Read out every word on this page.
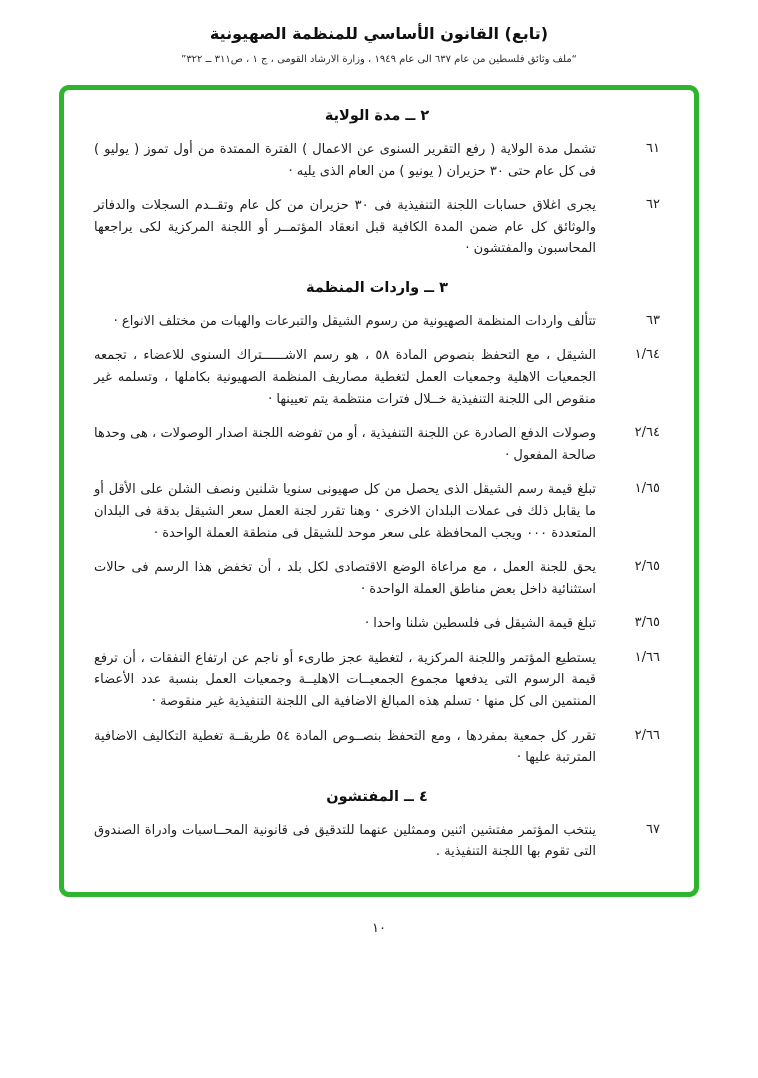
(تابع) القانون الأساسي للمنظمة الصهيونية
“ملف وثائق فلسطين من عام ٦٣٧ الى عام ١٩٤٩ ، وزارة الارشاد القومى ، ج ١ ، ص٣١١ ــ ٣٢٢”
٢ ــ مدة الولاية
٦١
تشمل مدة الولاية ( رفع التقرير السنوى عن الاعمال ) الفترة الممتدة من أول تموز ( يوليو ) فى كل عام حتى ٣٠ حزيران ( يونيو ) من العام الذى يليه ·
٦٢
يجرى اغلاق حسابات اللجنة التنفيذية فى ٣٠ حزيران من كل عام وتقــدم السجلات والدفاتر والوثائق كل عام ضمن المدة الكافية قبل انعقاد المؤتمــر أو اللجنة المركزية لكى يراجعها المحاسبون والمفتشون ·
٣ ــ واردات المنظمة
٦٣
تتألف واردات المنظمة الصهيونية من رسوم الشيقل والتبرعات والهبات من مختلف الانواع ·
١/٦٤
الشيقل ، مع التحفظ بنصوص المادة ٥٨ ، هو رسم الاشــــــتراك السنوى للاعضاء ، تجمعه الجمعيات الاهلية وجمعيات العمل لتغطية مصاريف المنظمة الصهيونية بكاملها ، وتسلمه غير منقوص الى اللجنة التنفيذية خــلال فترات منتظمة يتم تعيينها ·
٢/٦٤
وصولات الدفع الصادرة عن اللجنة التنفيذية ، أو من تفوضه اللجنة اصدار الوصولات ، هى وحدها صالحة المفعول ·
١/٦٥
تبلغ قيمة رسم الشيقل الذى يحصل من كل صهيونى سنويا شلنين ونصف الشلن على الأقل أو ما يقابل ذلك فى عملات البلدان الاخرى · وهنا تقرر لجنة العمل سعر الشيقل بدقة فى البلدان المتعددة ٠٠٠ ويجب المحافظة على سعر موحد للشيقل فى منطقة العملة الواحدة ·
٢/٦٥
يحق للجنة العمل ، مع مراعاة الوضع الاقتصادى لكل بلد ، أن تخفض هذا الرسم فى حالات استثنائية داخل بعض مناطق العملة الواحدة ·
٣/٦٥
تبلغ قيمة الشيقل فى فلسطين شلنا واحدا ·
١/٦٦
يستطيع المؤتمر واللجنة المركزية ، لتغطية عجز طارىء أو ناجم عن ارتفاع النفقات ، أن ترفع قيمة الرسوم التى يدفعها مجموع الجمعيــات الاهليــة وجمعيات العمل بنسبة عدد الأعضاء المنتمين الى كل منها · تسلم هذه المبالغ الاضافية الى اللجنة التنفيذية غير منقوصة ·
٢/٦٦
تقرر كل جمعية بمفردها ، ومع التحفظ بنصــوص المادة ٥٤ طريقــة تغطية التكاليف الاضافية المترتبة عليها ·
٤ ــ المفتشون
٦٧
ينتخب المؤتمر مفتشين اثنين وممثلين عنهما للتدقيق فى قانونية المحــاسبات وادراة الصندوق التى تقوم بها اللجنة التنفيذية .
١٠
